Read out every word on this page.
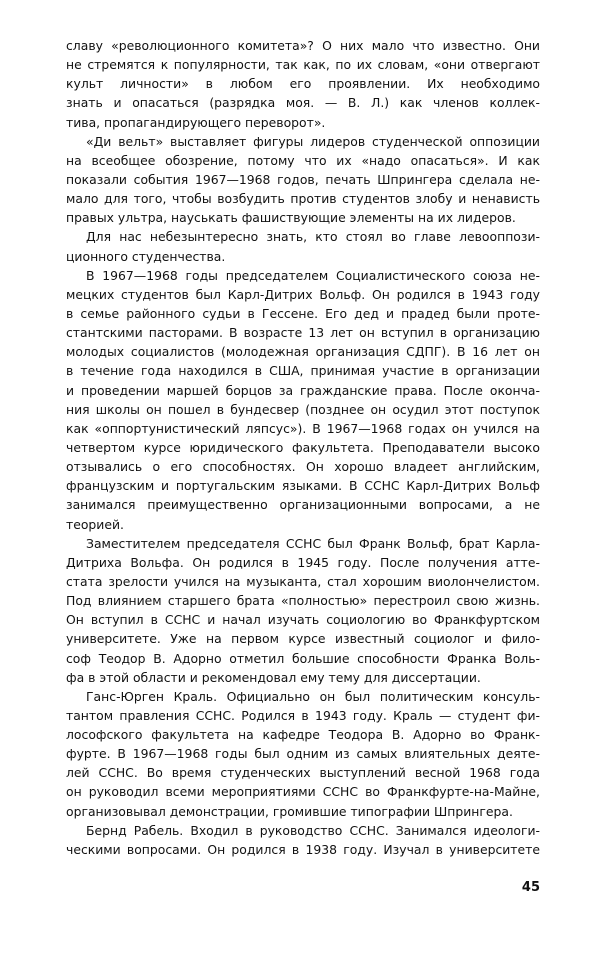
славу «революционного комитета»? О них мало что известно. Они
не стремятся к популярности, так как, по их словам, «они отвергают
культ личности» в любом его проявлении. Их необходимо
знать и опасаться (разрядка моя. — В. Л.) как членов коллек-
тива, пропагандирующего переворот».
«Ди вельт» выставляет фигуры лидеров студенческой оппозиции
на всеобщее обозрение, потому что их «надо опасаться». И как
показали события 1967—1968 годов, печать Шпрингера сделала не-
мало для того, чтобы возбудить против студентов злобу и ненависть
правых ультра, науськать фашиствующие элементы на их лидеров.
Для нас небезынтересно знать, кто стоял во главе левооппози-
ционного студенчества.
В 1967—1968 годы председателем Социалистического союза не-
мецких студентов был Карл-Дитрих Вольф. Он родился в 1943 году
в семье районного судьи в Гессене. Его дед и прадед были проте-
стантскими пасторами. В возрасте 13 лет он вступил в организацию
молодых социалистов (молодежная организация СДПГ). В 16 лет он
в течение года находился в США, принимая участие в организации
и проведении маршей борцов за гражданские права. После оконча-
ния школы он пошел в бундесвер (позднее он осудил этот поступок
как «оппортунистический ляпсус»). В 1967—1968 годах он учился на
четвертом курсе юридического факультета. Преподаватели высоко
отзывались о его способностях. Он хорошо владеет английским,
французским и португальским языками. В ССНС Карл-Дитрих Вольф
занимался преимущественно организационными вопросами, а не
теорией.
Заместителем председателя ССНС был Франк Вольф, брат Карла-
Дитриха Вольфа. Он родился в 1945 году. После получения атте-
стата зрелости учился на музыканта, стал хорошим виолончелистом.
Под влиянием старшего брата «полностью» перестроил свою жизнь.
Он вступил в ССНС и начал изучать социологию во Франкфуртском
университете. Уже на первом курсе известный социолог и фило-
соф Теодор В. Адорно отметил большие способности Франка Воль-
фа в этой области и рекомендовал ему тему для диссертации.
Ганс-Юрген Краль. Официально он был политическим консуль-
тантом правления ССНС. Родился в 1943 году. Краль — студент фи-
лософского факультета на кафедре Теодора В. Адорно во Франк-
фурте. В 1967—1968 годы был одним из самых влиятельных деяте-
лей ССНС. Во время студенческих выступлений весной 1968 года
он руководил всеми мероприятиями ССНС во Франкфурте-на-Майне,
организовывал демонстрации, громившие типографии Шпрингера.
Бернд Рабель. Входил в руководство ССНС. Занимался идеологи-
ческими вопросами. Он родился в 1938 году. Изучал в университете
45
